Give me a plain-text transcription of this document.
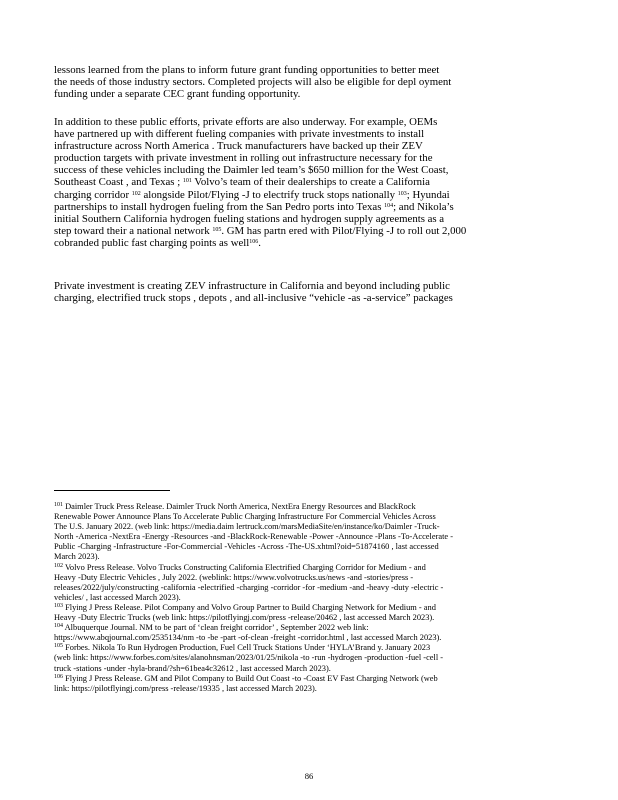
lessons learned from the plans to inform future grant funding opportunities to better meet

the needs of those industry sectors. Completed projects will also be eligible for depl oyment

funding under a separate CEC grant funding opportunity.

In addition to these public efforts, private efforts are also underway. For example, OEMs

have partnered up with different fueling companies with private investments to install

infrastructure across North America . Truck manufacturers have backed up their ZEV

production targets with private investment in rolling out infrastructure necessary for the

success of these vehicles including the Daimler led team’s $650 million for the West Coast,

Southeast Coast , and Texas ; $^{101}$ Volvo’s team of their dealerships to create a California

charging corridor $^{102}$ alongside Pilot/Flying -J to electrify truck stops nationally $^{103}$; Hyundai

partnerships to install hydrogen fueling from the San Pedro ports into Texas $^{104}$; and Nikola’s

initial Southern California hydrogen fueling stations and hydrogen supply agreements as a

step toward their a national network $^{105}$. GM has partn ered with Pilot/Flying -J to roll out 2,000

cobranded public fast charging points as well$^{106}$.

Private investment is creating ZEV infrastructure in California and beyond including public

charging, electrified truck stops , depots , and all-inclusive “vehicle -as -a-service” packages

$^{101}$ Daimler Truck Press Release. Daimler Truck North America, NextEra Energy Resources and BlackRock

Renewable Power Announce Plans To Accelerate Public Charging Infrastructure For Commercial Vehicles Across

The U.S. January 2022. (web link: https://media.daim lertruck.com/marsMediaSite/en/instance/ko/Daimler -Truck-

North -America -NextEra -Energy -Resources -and -BlackRock-Renewable -Power -Announce -Plans -To-Accelerate -

Public -Charging -Infrastructure -For-Commercial -Vehicles -Across -The-US.xhtml?oid=51874160 , last accessed

March 2023).

$^{102}$ Volvo Press Release. Volvo Trucks Constructing California Electrified Charging Corridor for Medium - and

Heavy -Duty Electric Vehicles , July 2022. (weblink: https://www.volvotrucks.us/news -and -stories/press -

releases/2022/july/constructing -california -electrified -charging -corridor -for -medium -and -heavy -duty -electric -

vehicles/ , last accessed March 2023).

$^{103}$ Flying J Press Release. Pilot Company and Volvo Group Partner to Build Charging Network for Medium - and

Heavy -Duty Electric Trucks (web link: https://pilotflyingj.com/press -release/20462 , last accessed March 2023).

$^{104}$ Albuquerque Journal. NM to be part of ‘clean freight corridor’ , September 2022 web link:

https://www.abqjournal.com/2535134/nm -to -be -part -of-clean -freight -corridor.html , last accessed March 2023).

$^{105}$ Forbes. Nikola To Run Hydrogen Production, Fuel Cell Truck Stations Under ‘HYLA’Brand y. January 2023

(web link: https://www.forbes.com/sites/alanohnsman/2023/01/25/nikola -to -run -hydrogen -production -fuel -cell -

truck -stations -under -hyla-brand/?sh=61bea4c32612 , last accessed March 2023).

$^{106}$ Flying J Press Release. GM and Pilot Company to Build Out Coast -to -Coast EV Fast Charging Network (web

link: https://pilotflyingj.com/press -release/19335 , last accessed March 2023).

86
